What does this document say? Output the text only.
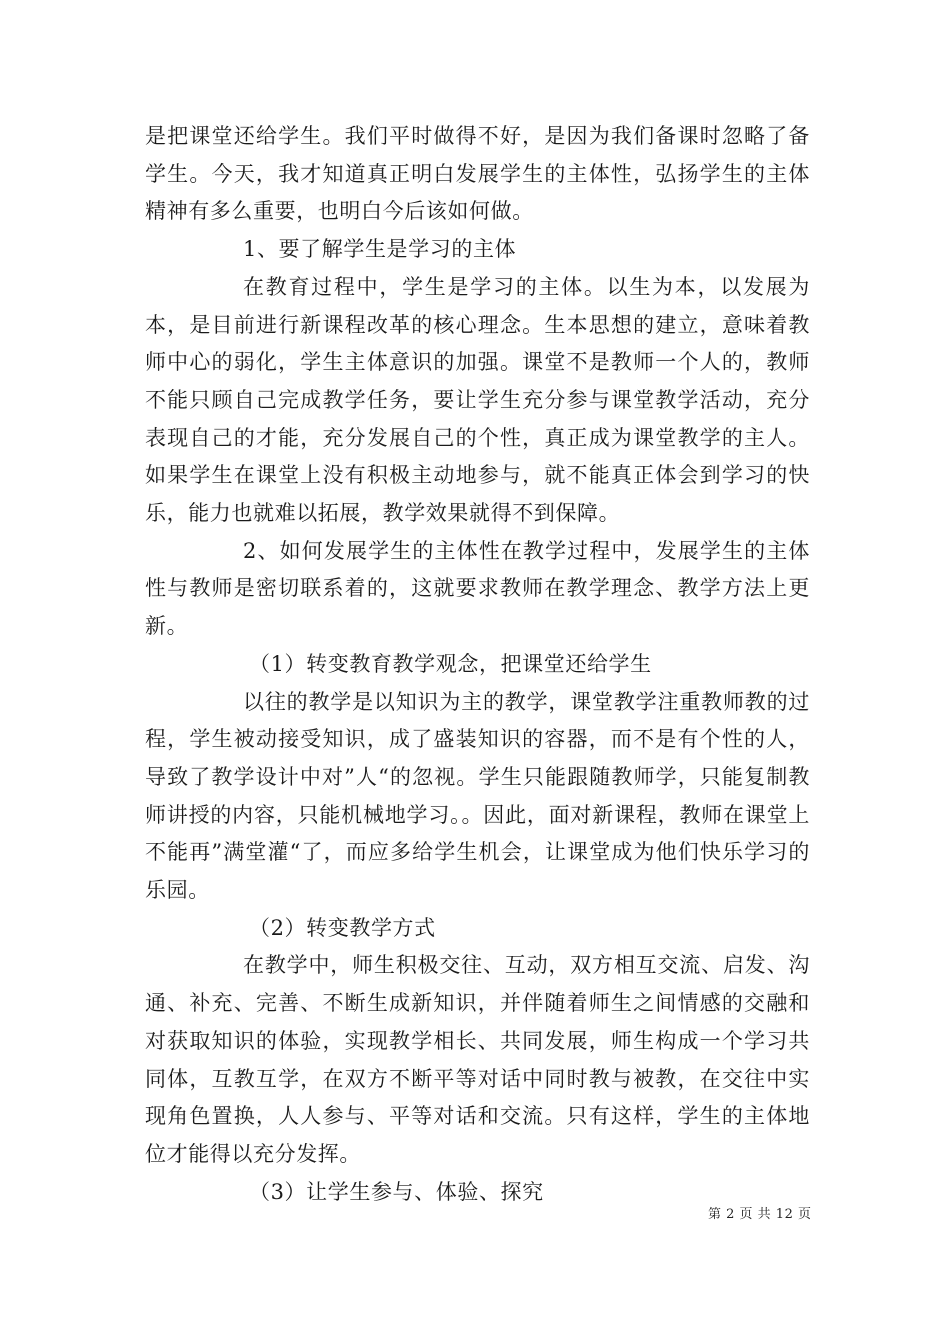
是把课堂还给学生。我们平时做得不好，是因为我们备课时忽略了备学生。今天，我才知道真正明白发展学生的主体性，弘扬学生的主体精神有多么重要，也明白今后该如何做。

1、要了解学生是学习的主体

在教育过程中，学生是学习的主体。以生为本，以发展为本，是目前进行新课程改革的核心理念。生本思想的建立，意味着教师中心的弱化，学生主体意识的加强。课堂不是教师一个人的，教师不能只顾自己完成教学任务，要让学生充分参与课堂教学活动，充分表现自己的才能，充分发展自己的个性，真正成为课堂教学的主人。如果学生在课堂上没有积极主动地参与，就不能真正体会到学习的快乐，能力也就难以拓展，教学效果就得不到保障。

2、如何发展学生的主体性在教学过程中，发展学生的主体性与教师是密切联系着的，这就要求教师在教学理念、教学方法上更新。

（1）转变教育教学观念，把课堂还给学生

以往的教学是以知识为主的教学，课堂教学注重教师教的过程，学生被动接受知识，成了盛装知识的容器，而不是有个性的人，导致了教学设计中对”人“的忽视。学生只能跟随教师学，只能复制教师讲授的内容，只能机械地学习。。因此，面对新课程，教师在课堂上不能再”满堂灌“了，而应多给学生机会，让课堂成为他们快乐学习的乐园。

（2）转变教学方式

在教学中，师生积极交往、互动，双方相互交流、启发、沟通、补充、完善、不断生成新知识，并伴随着师生之间情感的交融和对获取知识的体验，实现教学相长、共同发展，师生构成一个学习共同体，互教互学，在双方不断平等对话中同时教与被教，在交往中实现角色置换，人人参与、平等对话和交流。只有这样，学生的主体地位才能得以充分发挥。

（3）让学生参与、体验、探究

第 2 页 共 12 页
